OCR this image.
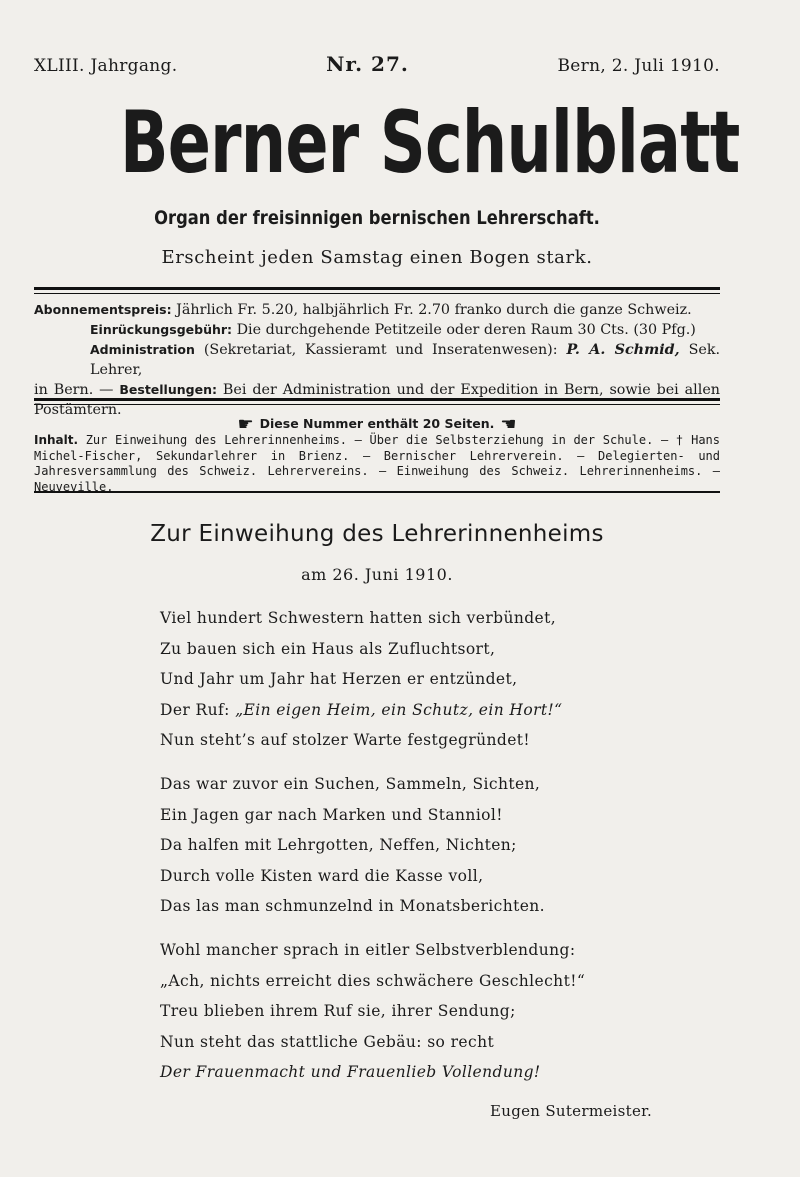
XLIII. Jahrgang.	Nr. 27.	Bern, 2. Juli 1910.
Berner Schulblatt
Organ der freisinnigen bernischen Lehrerschaft.
Erscheint jeden Samstag einen Bogen stark.
Abonnementspreis: Jährlich Fr. 5.20, halbjährlich Fr. 2.70 franko durch die ganze Schweiz.
Einrückungsgebühr: Die durchgehende Petitzeile oder deren Raum 30 Cts. (30 Pfg.)
Administration (Sekretariat, Kassieramt und Inseratenwesen): P. A. Schmid, Sek. Lehrer,
in Bern. — Bestellungen: Bei der Administration und der Expedition in Bern, sowie bei allen Postämtern.
☛ Diese Nummer enthält 20 Seiten. ☚
Inhalt. Zur Einweihung des Lehrerinnenheims. — Über die Selbsterziehung in der Schule. — † Hans Michel-Fischer, Sekundarlehrer in Brienz. — Bernischer Lehrerverein. — Delegierten- und Jahresversammlung des Schweiz. Lehrervereins. — Einweihung des Schweiz. Lehrerinnenheims. — Neuveville.
Zur Einweihung des Lehrerinnenheims
am 26. Juni 1910.
Viel hundert Schwestern hatten sich verbündet,
Zu bauen sich ein Haus als Zufluchtsort,
Und Jahr um Jahr hat Herzen er entzündet,
Der Ruf: „Ein eigen Heim, ein Schutz, ein Hort!“
Nun steht’s auf stolzer Warte festgegründet!
Das war zuvor ein Suchen, Sammeln, Sichten,
Ein Jagen gar nach Marken und Stanniol!
Da halfen mit Lehrgotten, Neffen, Nichten;
Durch volle Kisten ward die Kasse voll,
Das las man schmunzelnd in Monatsberichten.
Wohl mancher sprach in eitler Selbstverblendung:
„Ach, nichts erreicht dies schwächere Geschlecht!“
Treu blieben ihrem Ruf sie, ihrer Sendung;
Nun steht das stattliche Gebäu: so recht
Der Frauenmacht und Frauenlieb Vollendung!
Eugen Sutermeister.
